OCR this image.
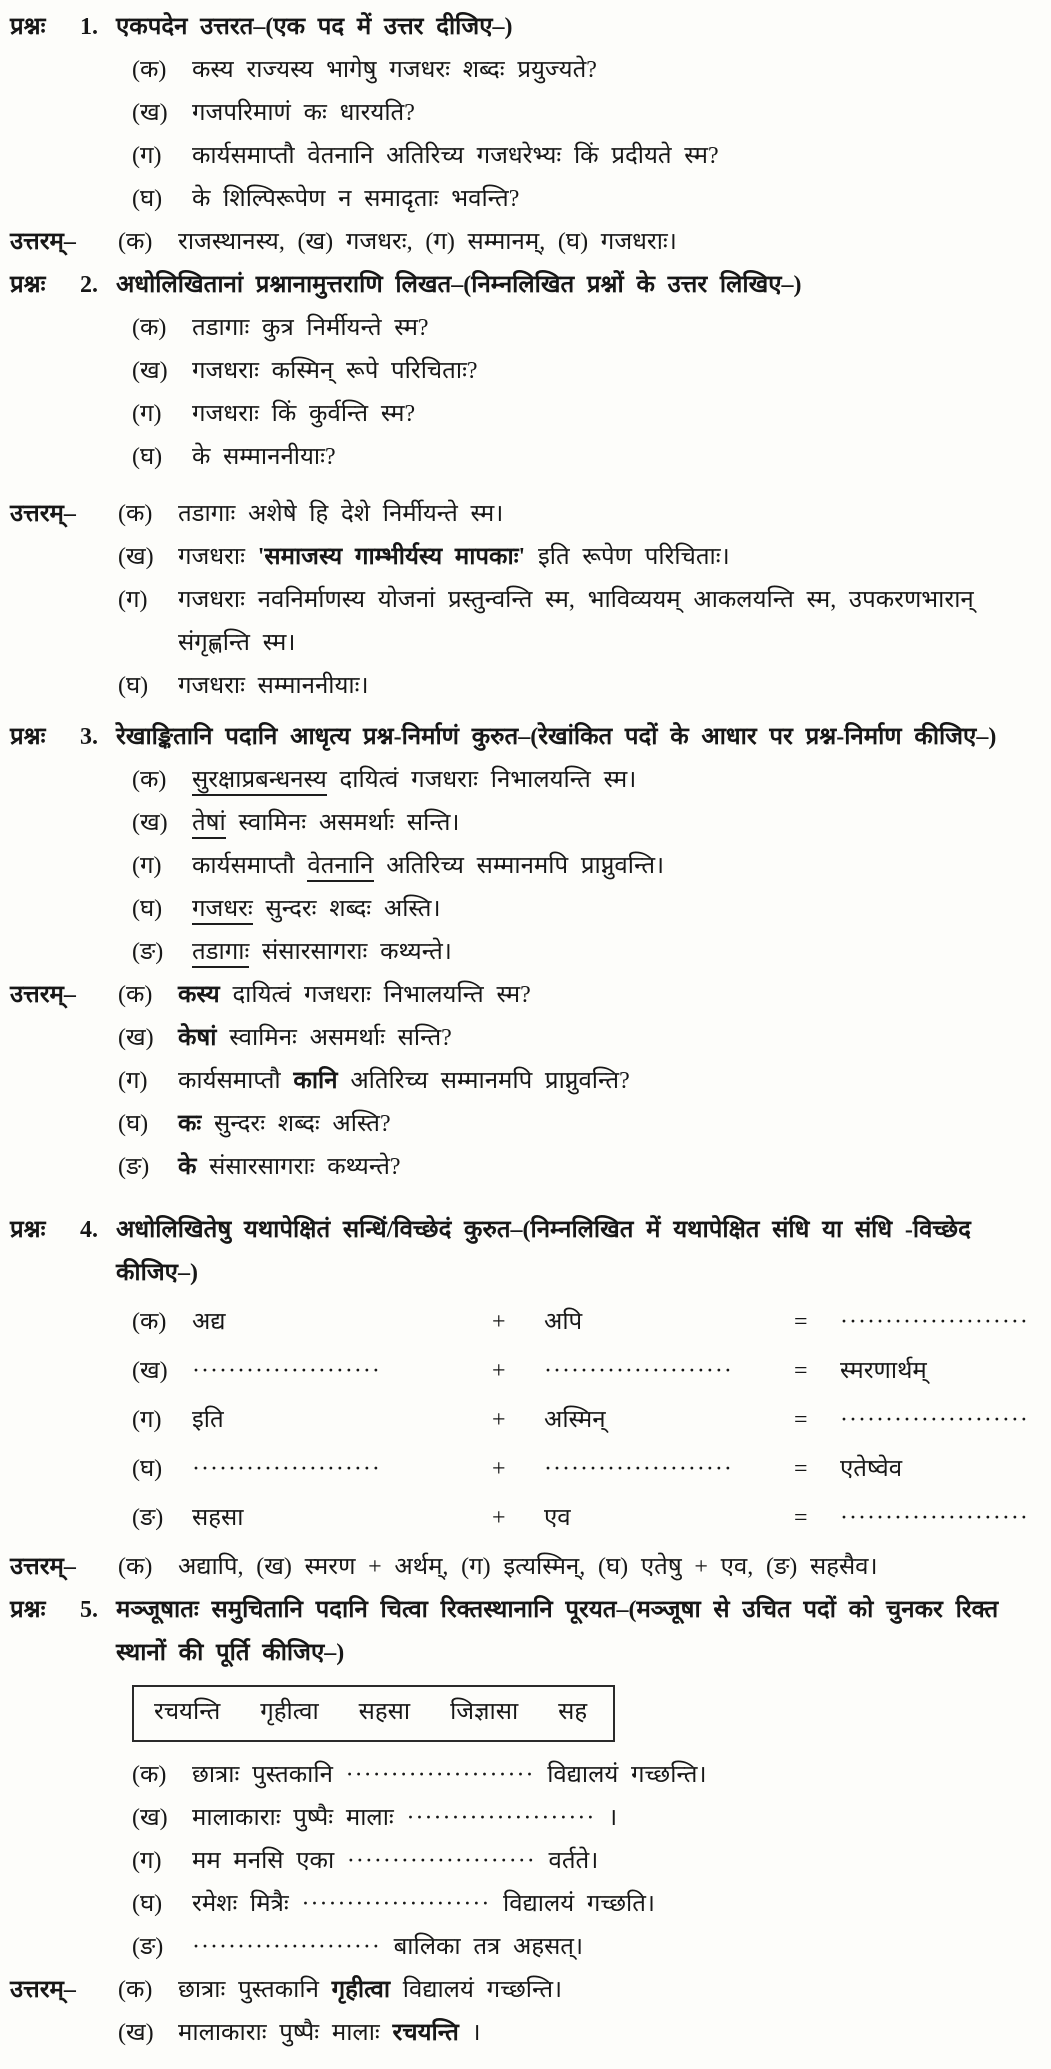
प्रश्नः	1. एकपदेन उत्तरत–(एक पद में उत्तर दीजिए–)
(क)	कस्य राज्यस्य भागेषु गजधरः शब्दः प्रयुज्यते?
(ख)	गजपरिमाणं कः धारयति?
(ग)	कार्यसमाप्तौ वेतनानि अतिरिच्य गजधरेभ्यः किं प्रदीयते स्म?
(घ)	के शिल्पिरूपेण न समादृताः भवन्ति?
उत्तरम्–	(क)	राजस्थानस्य, (ख) गजधरः, (ग) सम्मानम्, (घ) गजधराः।
प्रश्नः	2. अधोलिखितानां प्रश्नानामुत्तराणि लिखत–(निम्नलिखित प्रश्नों के उत्तर लिखिए–)
(क)	तडागाः कुत्र निर्मीयन्ते स्म?
(ख)	गजधराः कस्मिन् रूपे परिचिताः?
(ग)	गजधराः किं कुर्वन्ति स्म?
(घ)	के सम्माननीयाः?
उत्तरम्–	(क)	तडागाः अशेषे हि देशे निर्मीयन्ते स्म।
(ख)	गजधराः 'समाजस्य गाम्भीर्यस्य मापकाः' इति रूपेण परिचिताः।
(ग)	गजधराः नवनिर्माणस्य योजनां प्रस्तुन्वन्ति स्म, भाविव्ययम् आकलयन्ति स्म, उपकरणभारान् संगृह्णन्ति स्म।
(घ)	गजधराः सम्माननीयाः।
प्रश्नः	3. रेखाङ्कितानि पदानि आधृत्य प्रश्न-निर्माणं कुरुत–(रेखांकित पदों के आधार पर प्रश्न-निर्माण कीजिए–)
(क)	सुरक्षाप्रबन्धनस्य दायित्वं गजधराः निभालयन्ति स्म।
(ख)	तेषां स्वामिनः असमर्थाः सन्ति।
(ग)	कार्यसमाप्तौ वेतनानि अतिरिच्य सम्मानमपि प्राप्नुवन्ति।
(घ)	गजधरः सुन्दरः शब्दः अस्ति।
(ङ)	तडागाः संसारसागराः कथ्यन्ते।
उत्तरम्–	(क)	कस्य दायित्वं गजधराः निभालयन्ति स्म?
(ख)	केषां स्वामिनः असमर्थाः सन्ति?
(ग)	कार्यसमाप्तौ कानि अतिरिच्य सम्मानमपि प्राप्नुवन्ति?
(घ)	कः सुन्दरः शब्दः अस्ति?
(ङ)	के संसारसागराः कथ्यन्ते?
प्रश्नः	4. अधोलिखितेषु यथापेक्षितं सन्धिं/विच्छेदं कुरुत–(निम्नलिखित में यथापेक्षित संधि या संधि -विच्छेद कीजिए–)
(क)	अद्य	+	अपि	=	·····················
(ख)	·····················	+	·····················	=	स्मरणार्थम्
(ग)	इति	+	अस्मिन्	=	·····················
(घ)	·····················	+	·····················	=	एतेष्वेव
(ङ)	सहसा	+	एव	=	·····················
उत्तरम्–	(क)	अद्यापि, (ख) स्मरण + अर्थम्, (ग) इत्यस्मिन्, (घ) एतेषु + एव, (ङ) सहसैव।
प्रश्नः	5. मञ्जूषातः समुचितानि पदानि चित्वा रिक्तस्थानानि पूरयत–(मञ्जूषा से उचित पदों को चुनकर रिक्त स्थानों की पूर्ति कीजिए–)
रचयन्ति गृहीत्वा सहसा जिज्ञासा सह
(क)	छात्राः पुस्तकानि ····················· विद्यालयं गच्छन्ति।
(ख)	मालाकाराः पुष्पैः मालाः ····················· ।
(ग)	मम मनसि एका ····················· वर्तते।
(घ)	रमेशः मित्रैः ····················· विद्यालयं गच्छति।
(ङ)	····················· बालिका तत्र अहसत्।
उत्तरम्–	(क)	छात्राः पुस्तकानि गृहीत्वा विद्यालयं गच्छन्ति।
(ख)	मालाकाराः पुष्पैः मालाः रचयन्ति ।
